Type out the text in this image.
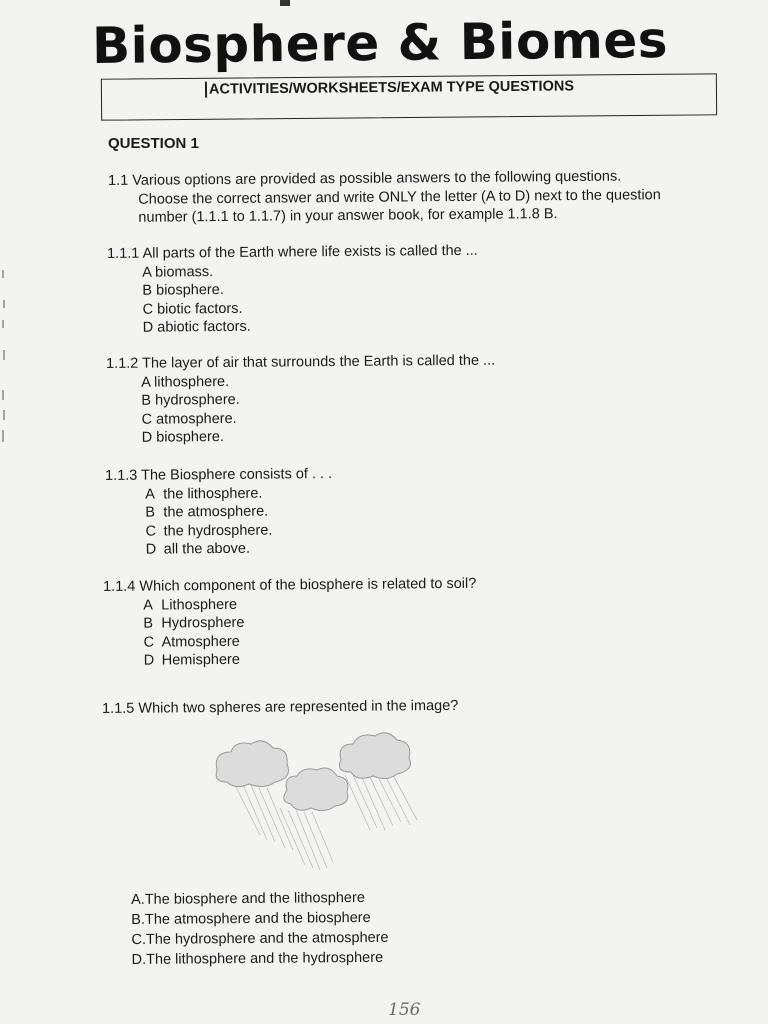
Biosphere & Biomes
ACTIVITIES/WORKSHEETS/EXAM TYPE QUESTIONS
QUESTION 1
1.1 Various options are provided as possible answers to the following questions.
Choose the correct answer and write ONLY the letter (A to D) next to the question
number (1.1.1 to 1.1.7) in your answer book, for example 1.1.8 B.
1.1.1 All parts of the Earth where life exists is called the ...
A biomass.
B biosphere.
C biotic factors.
D abiotic factors.
1.1.2 The layer of air that surrounds the Earth is called the ...
A lithosphere.
B hydrosphere.
C atmosphere.
D biosphere.
1.1.3 The Biosphere consists of . . .
A the lithosphere.
B the atmosphere.
C the hydrosphere.
D all the above.
1.1.4 Which component of the biosphere is related to soil?
A Lithosphere
B Hydrosphere
C Atmosphere
D Hemisphere
1.1.5 Which two spheres are represented in the image?
A.The biosphere and the lithosphere
B.The atmosphere and the biosphere
C.The hydrosphere and the atmosphere
D.The lithosphere and the hydrosphere
156
